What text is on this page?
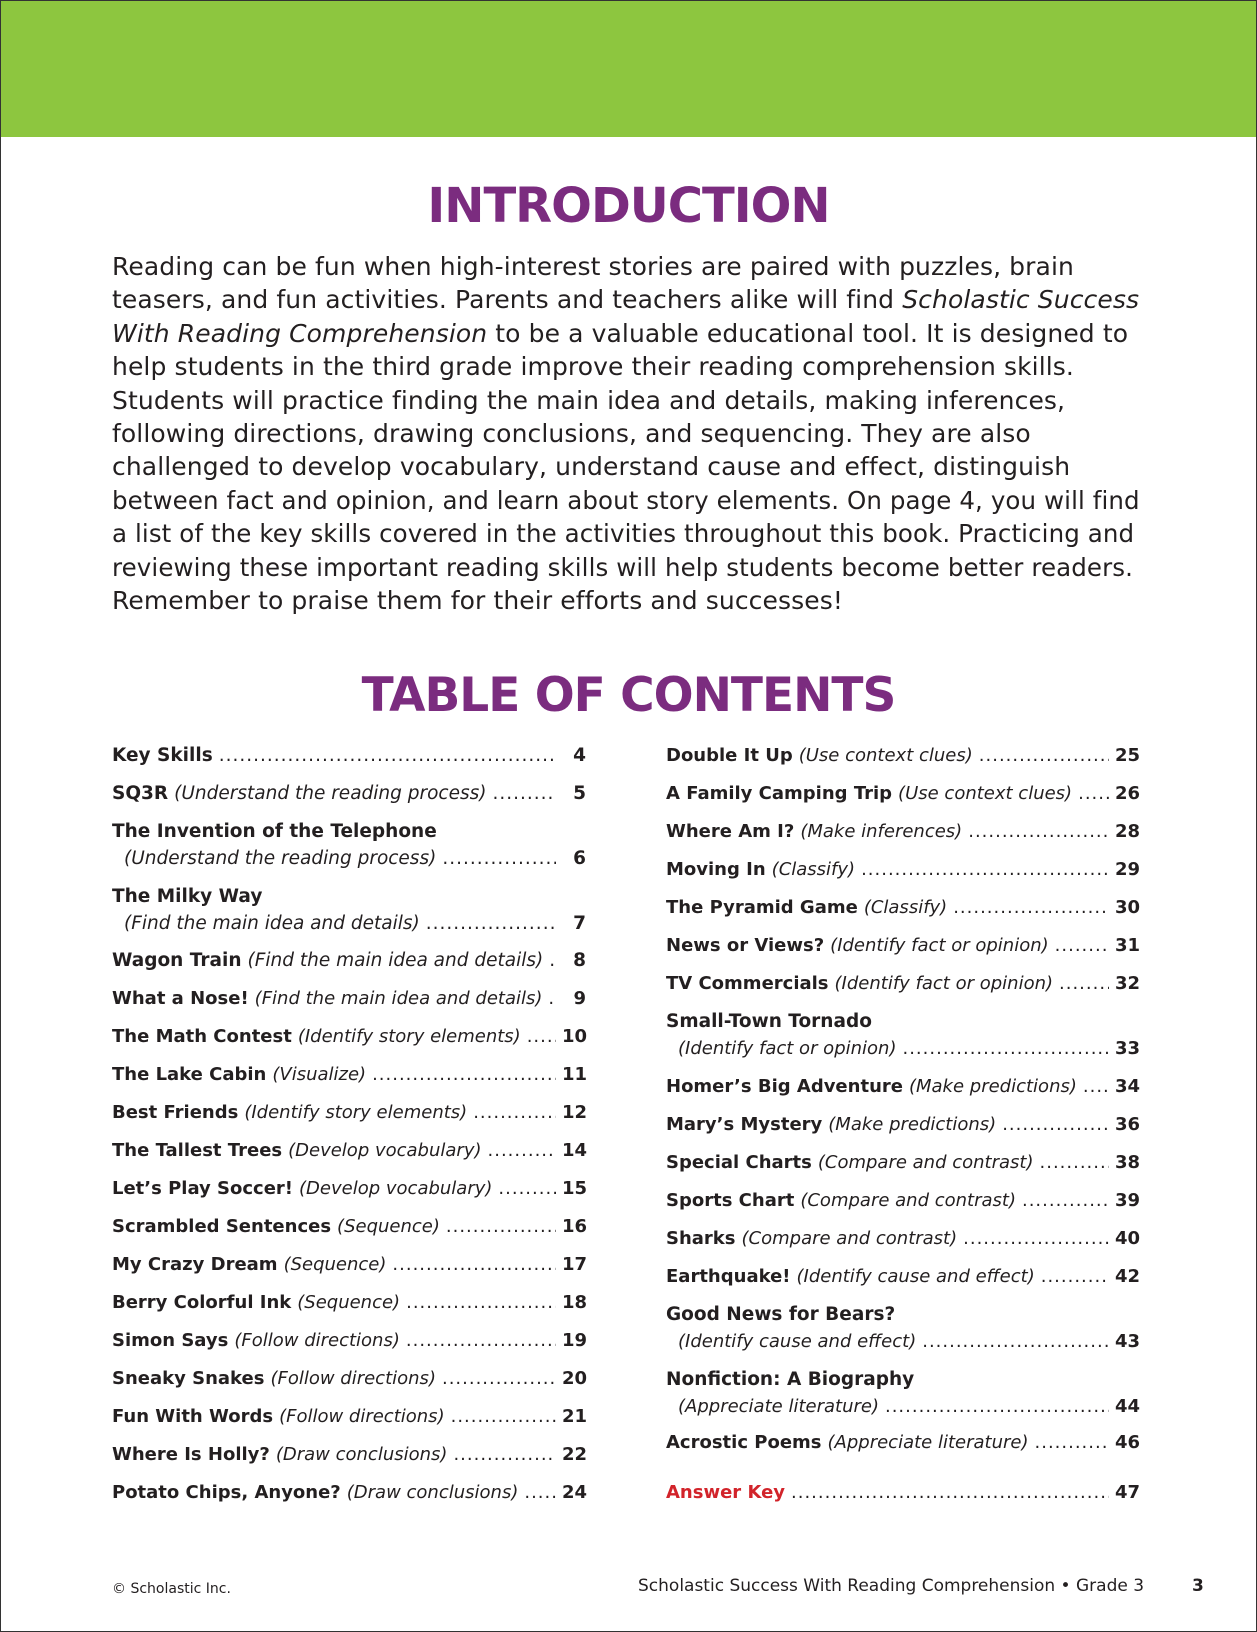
INTRODUCTION
Reading can be fun when high-interest stories are paired with puzzles, brain
teasers, and fun activities. Parents and teachers alike will find Scholastic Success
With Reading Comprehension to be a valuable educational tool. It is designed to
help students in the third grade improve their reading comprehension skills.
Students will practice finding the main idea and details, making inferences,
following directions, drawing conclusions, and sequencing. They are also
challenged to develop vocabulary, understand cause and effect, distinguish
between fact and opinion, and learn about story elements. On page 4, you will find
a list of the key skills covered in the activities throughout this book. Practicing and
reviewing these important reading skills will help students become better readers.
Remember to praise them for their efforts and successes!
TABLE OF CONTENTS
Key Skills .....	4
SQ3R (Understand the reading process) .....	5
The Invention of the Telephone
(Understand the reading process) .....	6
The Milky Way
(Find the main idea and details) .....	7
Wagon Train (Find the main idea and details) .....	8
What a Nose! (Find the main idea and details) .....	9
The Math Contest (Identify story elements) ..... 10
The Lake Cabin (Visualize) .....	11
Best Friends (Identify story elements) .....	12
The Tallest Trees (Develop vocabulary) .....	14
Let’s Play Soccer! (Develop vocabulary) .....	15
Scrambled Sentences (Sequence) .....	16
My Crazy Dream (Sequence) .....	17
Berry Colorful Ink (Sequence) .....	18
Simon Says (Follow directions) .....	19
Sneaky Snakes (Follow directions) .....	20
Fun With Words (Follow directions) .....	21
Where Is Holly? (Draw conclusions) .....	22
Potato Chips, Anyone? (Draw conclusions) ..... 24
Double It Up (Use context clues) .....	25
A Family Camping Trip (Use context clues) ..... 26
Where Am I? (Make inferences) .....	28
Moving In (Classify) .....	29
The Pyramid Game (Classify) .....	30
News or Views? (Identify fact or opinion) .....	31
TV Commercials (Identify fact or opinion) .....	32
Small-Town Tornado
(Identify fact or opinion) .....	33
Homer’s Big Adventure (Make predictions) ..... 34
Mary’s Mystery (Make predictions) .....	36
Special Charts (Compare and contrast) .....	38
Sports Chart (Compare and contrast) .....	39
Sharks (Compare and contrast) .....	40
Earthquake! (Identify cause and effect) .....	42
Good News for Bears?
(Identify cause and effect) .....	43
Nonfiction: A Biography
(Appreciate literature) .....	44
Acrostic Poems (Appreciate literature) .....	46
Answer Key .....	47
© Scholastic Inc.	Scholastic Success With Reading Comprehension • Grade 3	3
